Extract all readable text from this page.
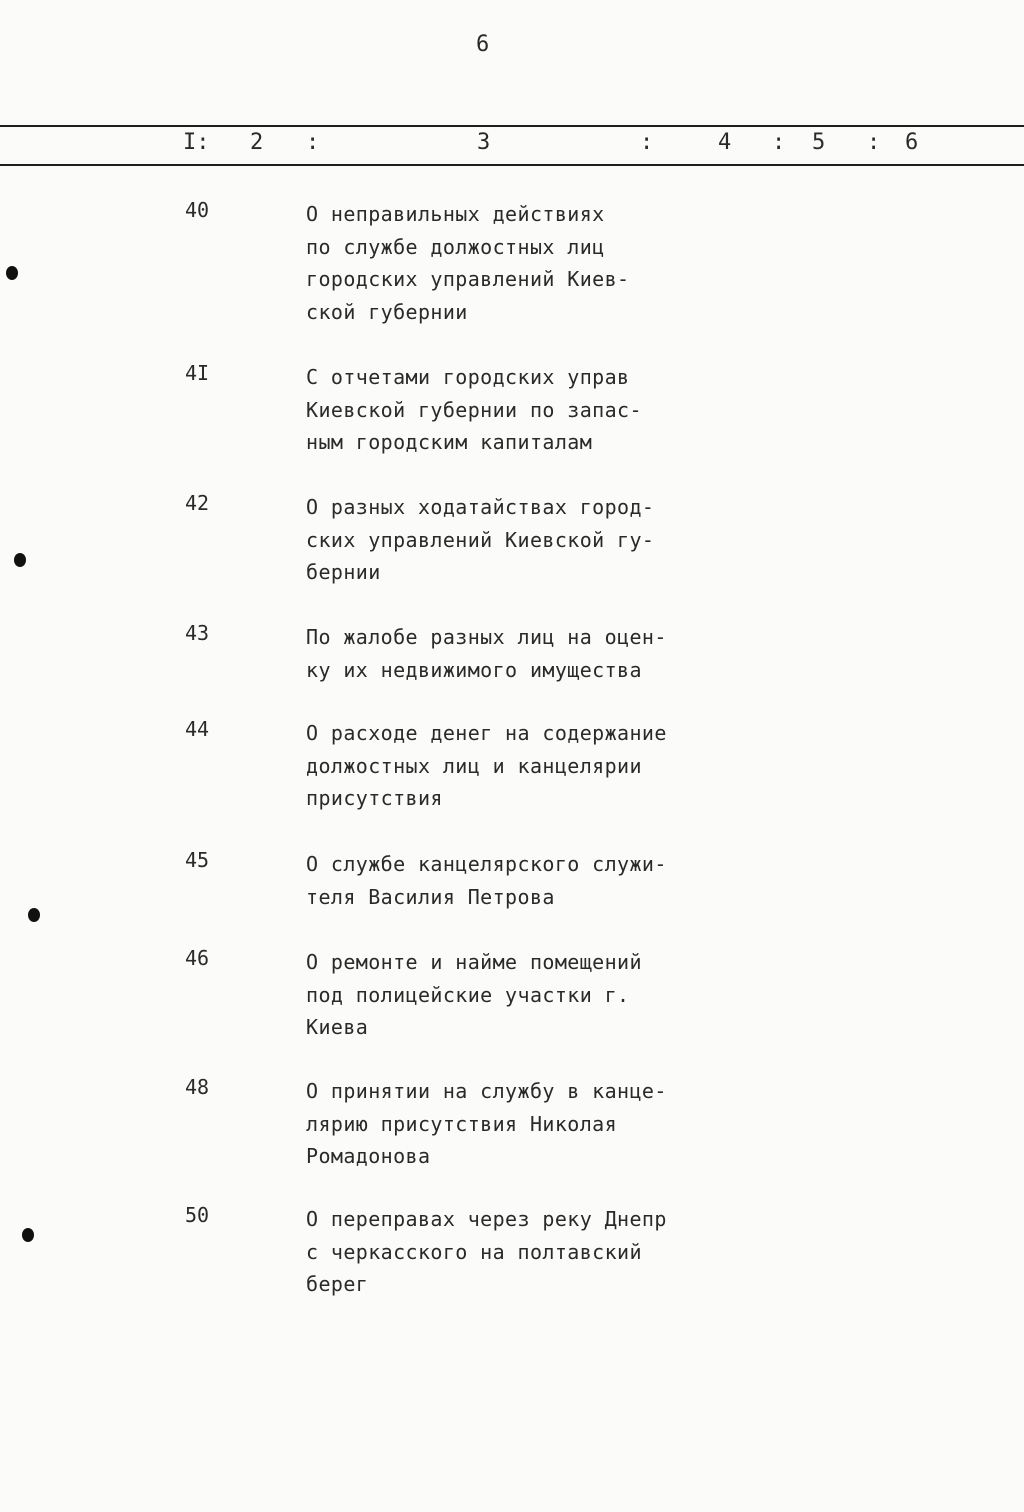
6
I: 2 :	3	:	4 : 5 : 6
40	О неправильных действиях
по службе должостных лиц
городских управлений Киев-
ской губернии
4I	С отчетами городских управ
Киевской губернии по запас-
ным городским капиталам
42	О разных ходатайствах город-
ских управлений Киевской гу-
бернии
43	По жалобе разных лиц на оцен-
ку их недвижимого имущества
44	О расходе денег на содержание
должостных лиц и канцелярии
присутствия
45	О службе канцелярского служи-
теля Василия Петрова
46	О ремонте и найме помещений
под полицейские участки г.
Киева
48	О принятии на службу в канце-
лярию присутствия Николая
Ромадонова
50	О переправах через реку Днепр
с черкасского на полтавский
берег
